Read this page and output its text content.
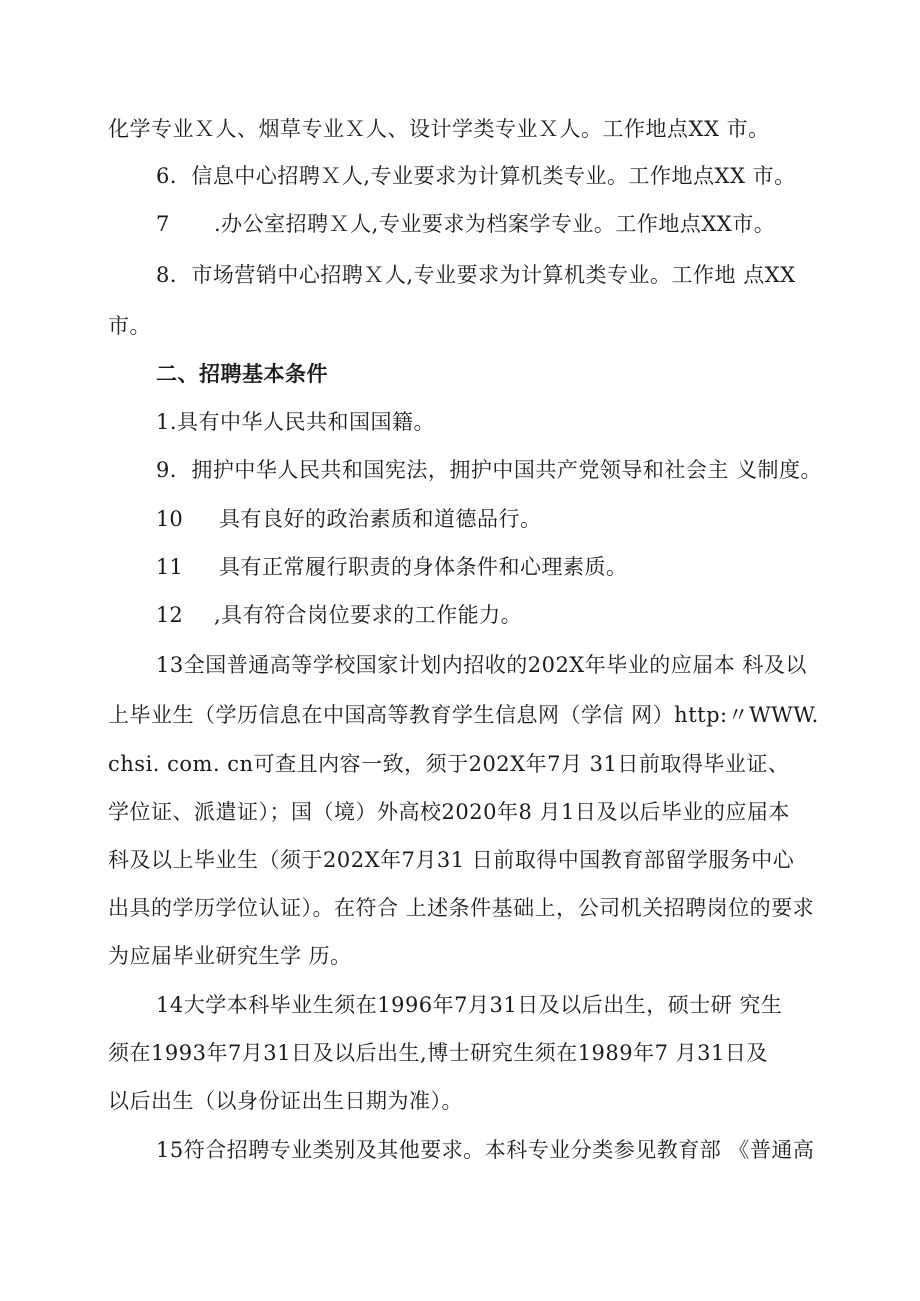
化学专业Ｘ人、烟草专业Ｘ人、设计学类专业Ｘ人。工作地点XX 市。
6．信息中心招聘Ｘ人,专业要求为计算机类专业。工作地点XX 市。
7 .办公室招聘Ｘ人,专业要求为档案学专业。工作地点XX市。
8．市场营销中心招聘Ｘ人,专业要求为计算机类专业。工作地 点XX
市。
二、招聘基本条件
1.具有中华人民共和国国籍。
9．拥护中华人民共和国宪法，拥护中国共产党领导和社会主 义制度。
10 具有良好的政治素质和道德品行。
11 具有正常履行职责的身体条件和心理素质。
12 ,具有符合岗位要求的工作能力。
13全国普通高等学校国家计划内招收的202X年毕业的应届本 科及以
上毕业生（学历信息在中国高等教育学生信息网（学信 网）http:〃WWW.
chsi. com. cn可查且内容一致，须于202X年7月 31日前取得毕业证、
学位证、派遣证）；国（境）外高校2020年8 月1日及以后毕业的应届本
科及以上毕业生（须于202X年7月31 日前取得中国教育部留学服务中心
出具的学历学位认证）。在符合 上述条件基础上，公司机关招聘岗位的要求
为应届毕业研究生学 历。
14大学本科毕业生须在1996年7月31日及以后出生，硕士研 究生
须在1993年7月31日及以后出生,博士研究生须在1989年7 月31日及
以后出生（以身份证出生日期为准）。
15符合招聘专业类别及其他要求。本科专业分类参见教育部 《普通高
